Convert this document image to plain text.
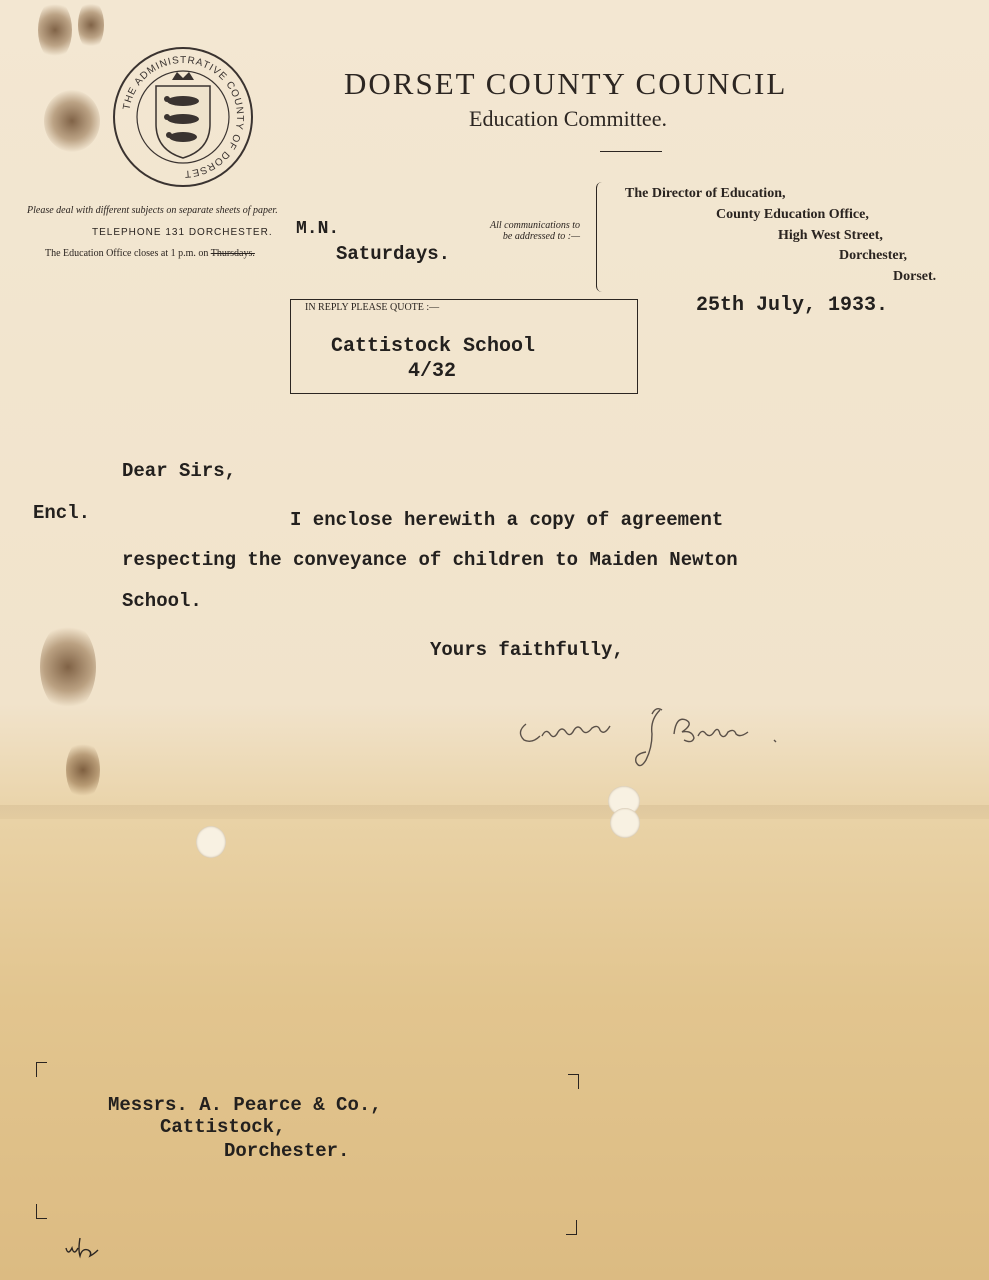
THE ADMINISTRATIVE COUNTY OF DORSET
DORSET COUNTY COUNCIL
Education Committee.
Please deal with different subjects on separate sheets of paper.
TELEPHONE 131 DORCHESTER. M.N.
The Education Office closes at 1 p.m. on Thursdays.	Saturdays.
All communications to
be addressed to :—
The Director of Education,
County Education Office,
High West Street,
Dorchester,
Dorset.
IN REPLY PLEASE QUOTE :—
Cattistock School
4/32
25th July, 1933.
Dear Sirs,
Encl.	I enclose herewith a copy of agreement
respecting the conveyance of children to Maiden Newton
School.
Yours faithfully,
Messrs. A. Pearce & Co.,
Cattistock,
Dorchester.
